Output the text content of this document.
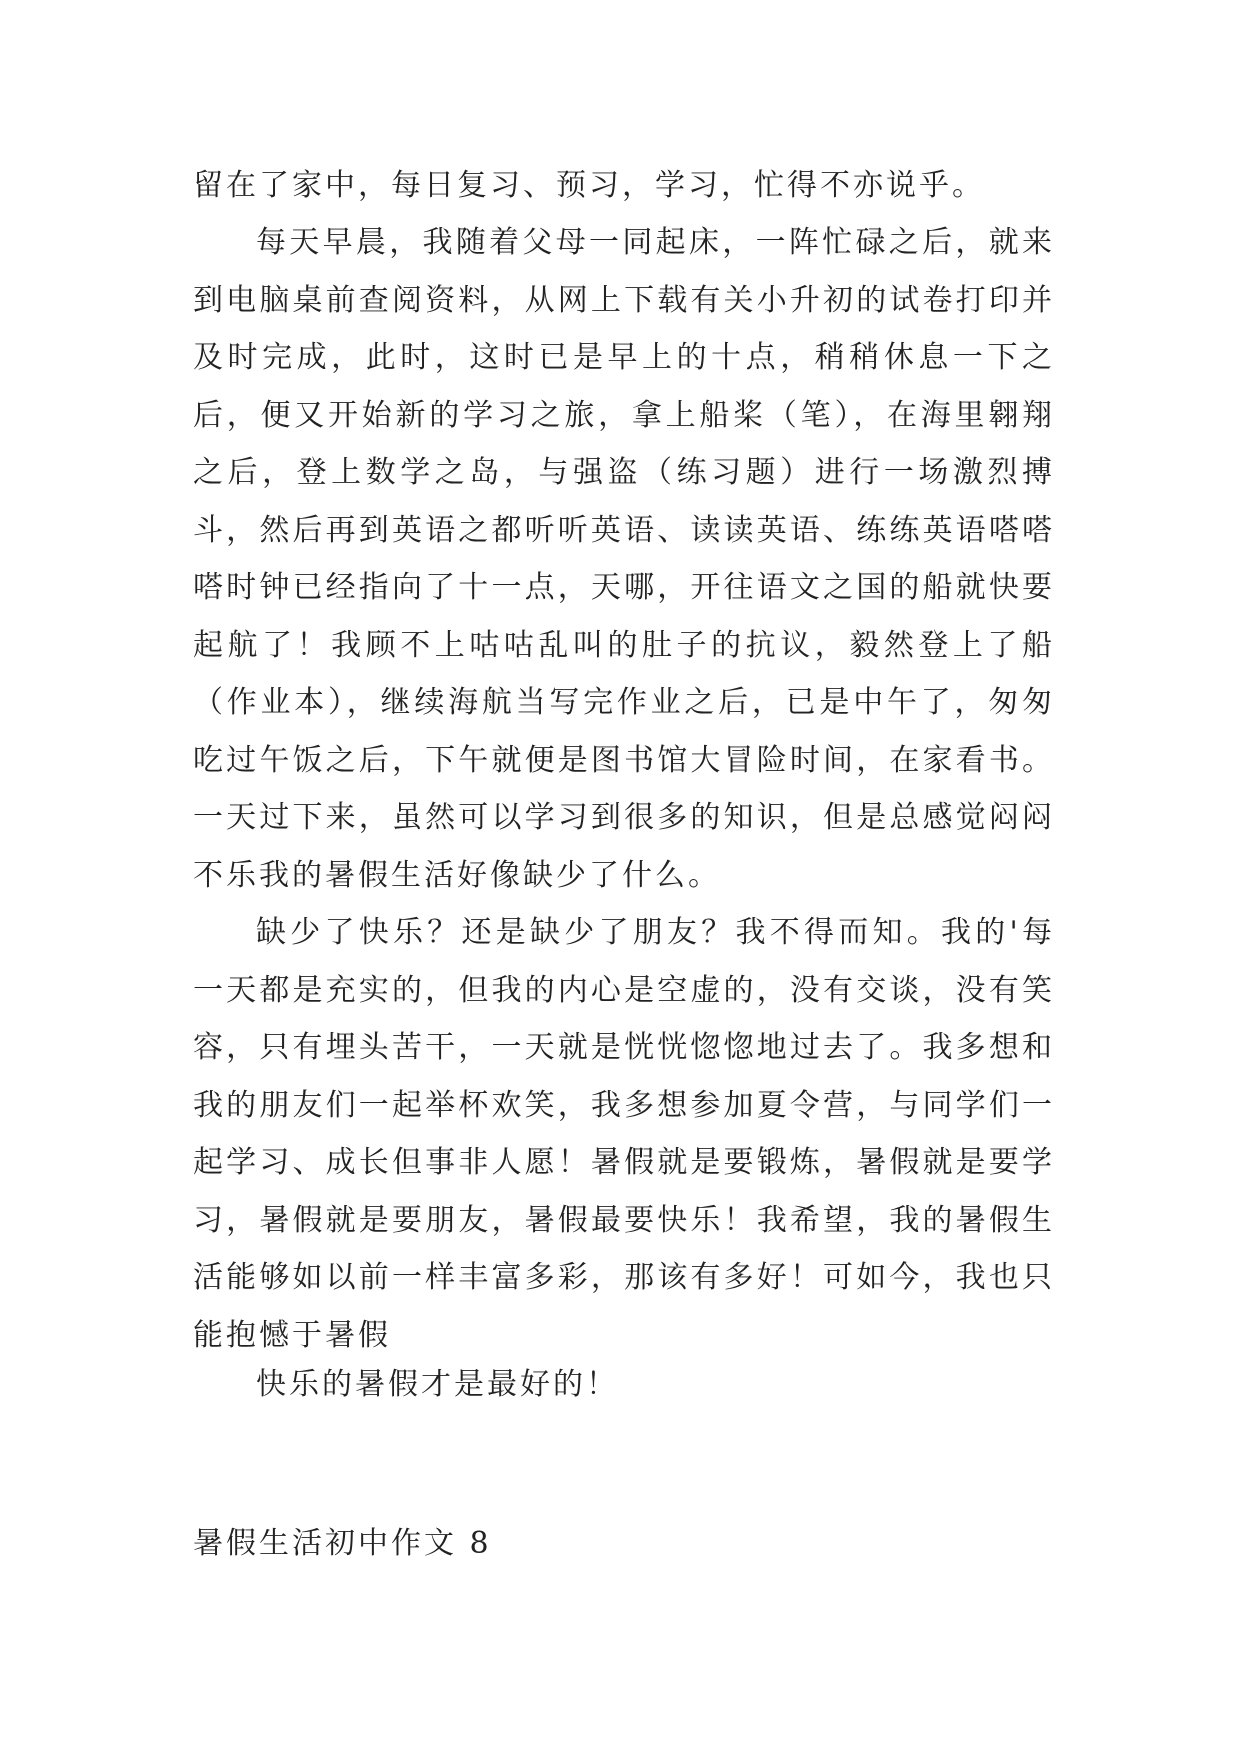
留在了家中，每日复习、预习，学习，忙得不亦说乎。
每天早晨，我随着父母一同起床，一阵忙碌之后，就来到电脑桌前查阅资料，从网上下载有关小升初的试卷打印并及时完成，此时，这时已是早上的十点，稍稍休息一下之后，便又开始新的学习之旅，拿上船桨（笔），在海里翱翔之后，登上数学之岛，与强盗（练习题）进行一场激烈搏斗，然后再到英语之都听听英语、读读英语、练练英语嗒嗒嗒时钟已经指向了十一点，天哪，开往语文之国的船就快要起航了！我顾不上咕咕乱叫的肚子的抗议，毅然登上了船（作业本），继续海航当写完作业之后，已是中午了，匆匆吃过午饭之后，下午就便是图书馆大冒险时间，在家看书。一天过下来，虽然可以学习到很多的知识，但是总感觉闷闷不乐我的暑假生活好像缺少了什么。
缺少了快乐？还是缺少了朋友？我不得而知。我的'每一天都是充实的，但我的内心是空虚的，没有交谈，没有笑容，只有埋头苦干，一天就是恍恍惚惚地过去了。我多想和我的朋友们一起举杯欢笑，我多想参加夏令营，与同学们一起学习、成长但事非人愿！暑假就是要锻炼，暑假就是要学习，暑假就是要朋友，暑假最要快乐！我希望，我的暑假生活能够如以前一样丰富多彩，那该有多好！可如今，我也只能抱憾于暑假
快乐的暑假才是最好的！
暑假生活初中作文 8
